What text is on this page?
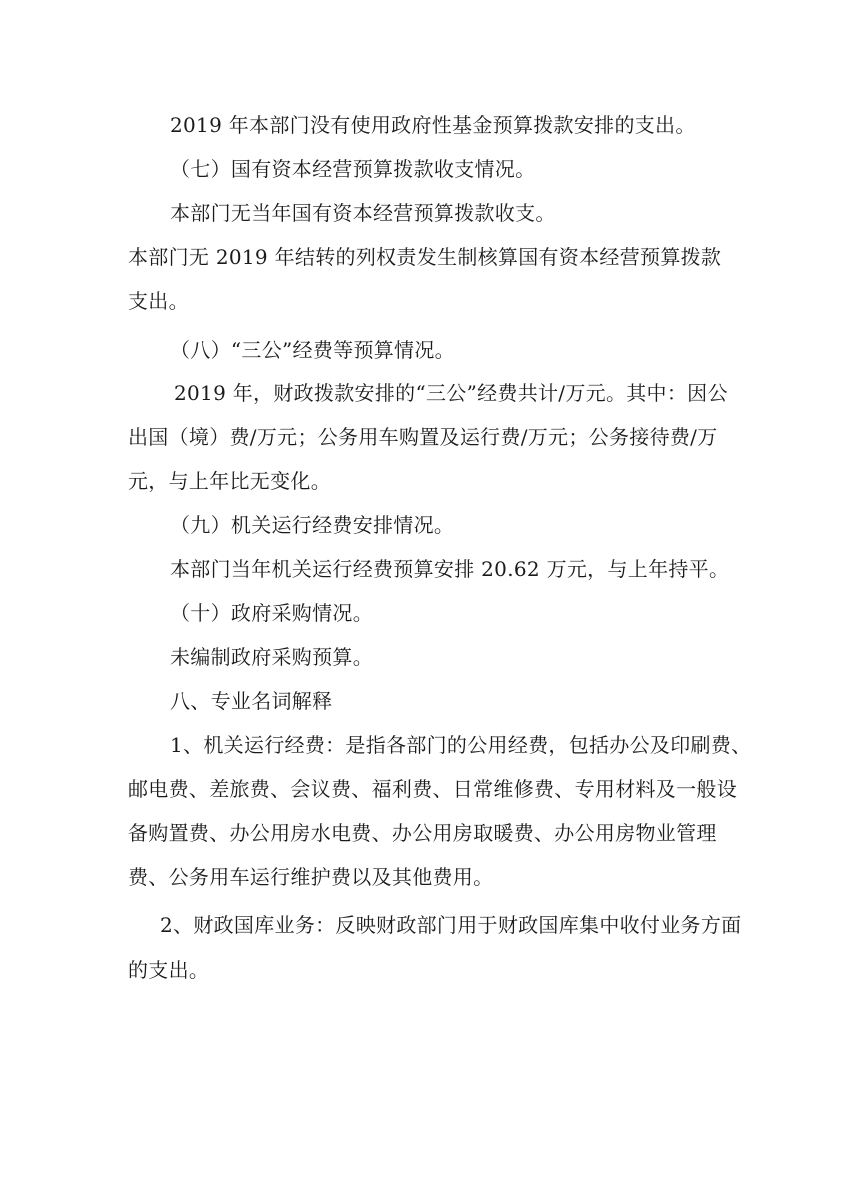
2019 年本部门没有使用政府性基金预算拨款安排的支出。
（七）国有资本经营预算拨款收支情况。
本部门无当年国有资本经营预算拨款收支。
本部门无 2019 年结转的列权责发生制核算国有资本经营预算拨款
支出。
（八）“三公”经费等预算情况。
2019 年，财政拨款安排的“三公”经费共计/万元。其中：因公
出国（境）费/万元；公务用车购置及运行费/万元；公务接待费/万
元，与上年比无变化。
（九）机关运行经费安排情况。
本部门当年机关运行经费预算安排 20.62 万元，与上年持平。
（十）政府采购情况。
未编制政府采购预算。
八、专业名词解释
1、机关运行经费：是指各部门的公用经费，包括办公及印刷费、
邮电费、差旅费、会议费、福利费、日常维修费、专用材料及一般设
备购置费、办公用房水电费、办公用房取暖费、办公用房物业管理
费、公务用车运行维护费以及其他费用。
2、财政国库业务：反映财政部门用于财政国库集中收付业务方面
的支出。
